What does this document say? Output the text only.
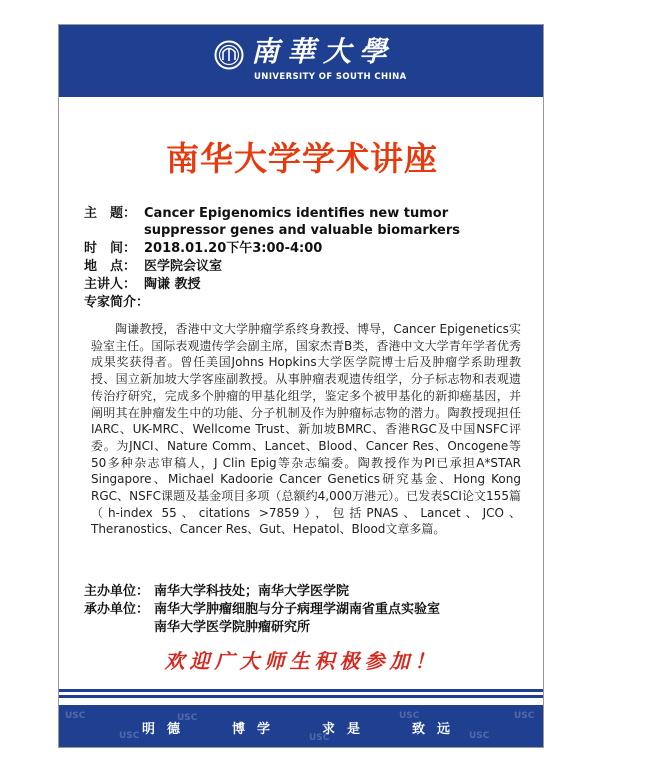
南華大學
UNIVERSITY OF SOUTH CHINA
南华大学学术讲座
主　题： Cancer Epigenomics identifies new tumor suppressor genes and valuable biomarkers
时　间： 2018.01.20下午3:00-4:00
地　点： 医学院会议室
主讲人： 陶谦 教授
专家简介：
陶谦教授，香港中文大学肿瘤学系终身教授、博导，Cancer Epigenetics实验室主任。国际表观遗传学会副主席，国家杰青B类，香港中文大学青年学者优秀成果奖获得者。曾任美国Johns Hopkins大学医学院博士后及肿瘤学系助理教授、国立新加坡大学客座副教授。从事肿瘤表观遗传组学，分子标志物和表观遗传治疗研究，完成多个肿瘤的甲基化组学，鉴定多个被甲基化的新抑癌基因，并阐明其在肿瘤发生中的功能、分子机制及作为肿瘤标志物的潜力。陶教授现担任IARC、UK-MRC、Wellcome Trust、新加坡BMRC、香港RGC及中国NSFC评委。为JNCI、Nature Comm、Lancet、Blood、Cancer Res、Oncogene等50多种杂志审稿人，J Clin Epig等杂志编委。陶教授作为PI已承担A*STAR Singapore、Michael Kadoorie Cancer Genetics研究基金、Hong Kong RGC、NSFC课题及基金项目多项（总额约4,000万港元）。已发表SCI论文155篇（h-index 55、citations >7859），包括PNAS、Lancet、JCO、Theranostics、Cancer Res、Gut、Hepatol、Blood文章多篇。
主办单位： 南华大学科技处；南华大学医学院
承办单位： 南华大学肿瘤细胞与分子病理学湖南省重点实验室
南华大学医学院肿瘤研究所
欢迎广大师生积极参加！
USC
USC
USC
USC
USC
USC
USC
明德	博学	求是	致远
